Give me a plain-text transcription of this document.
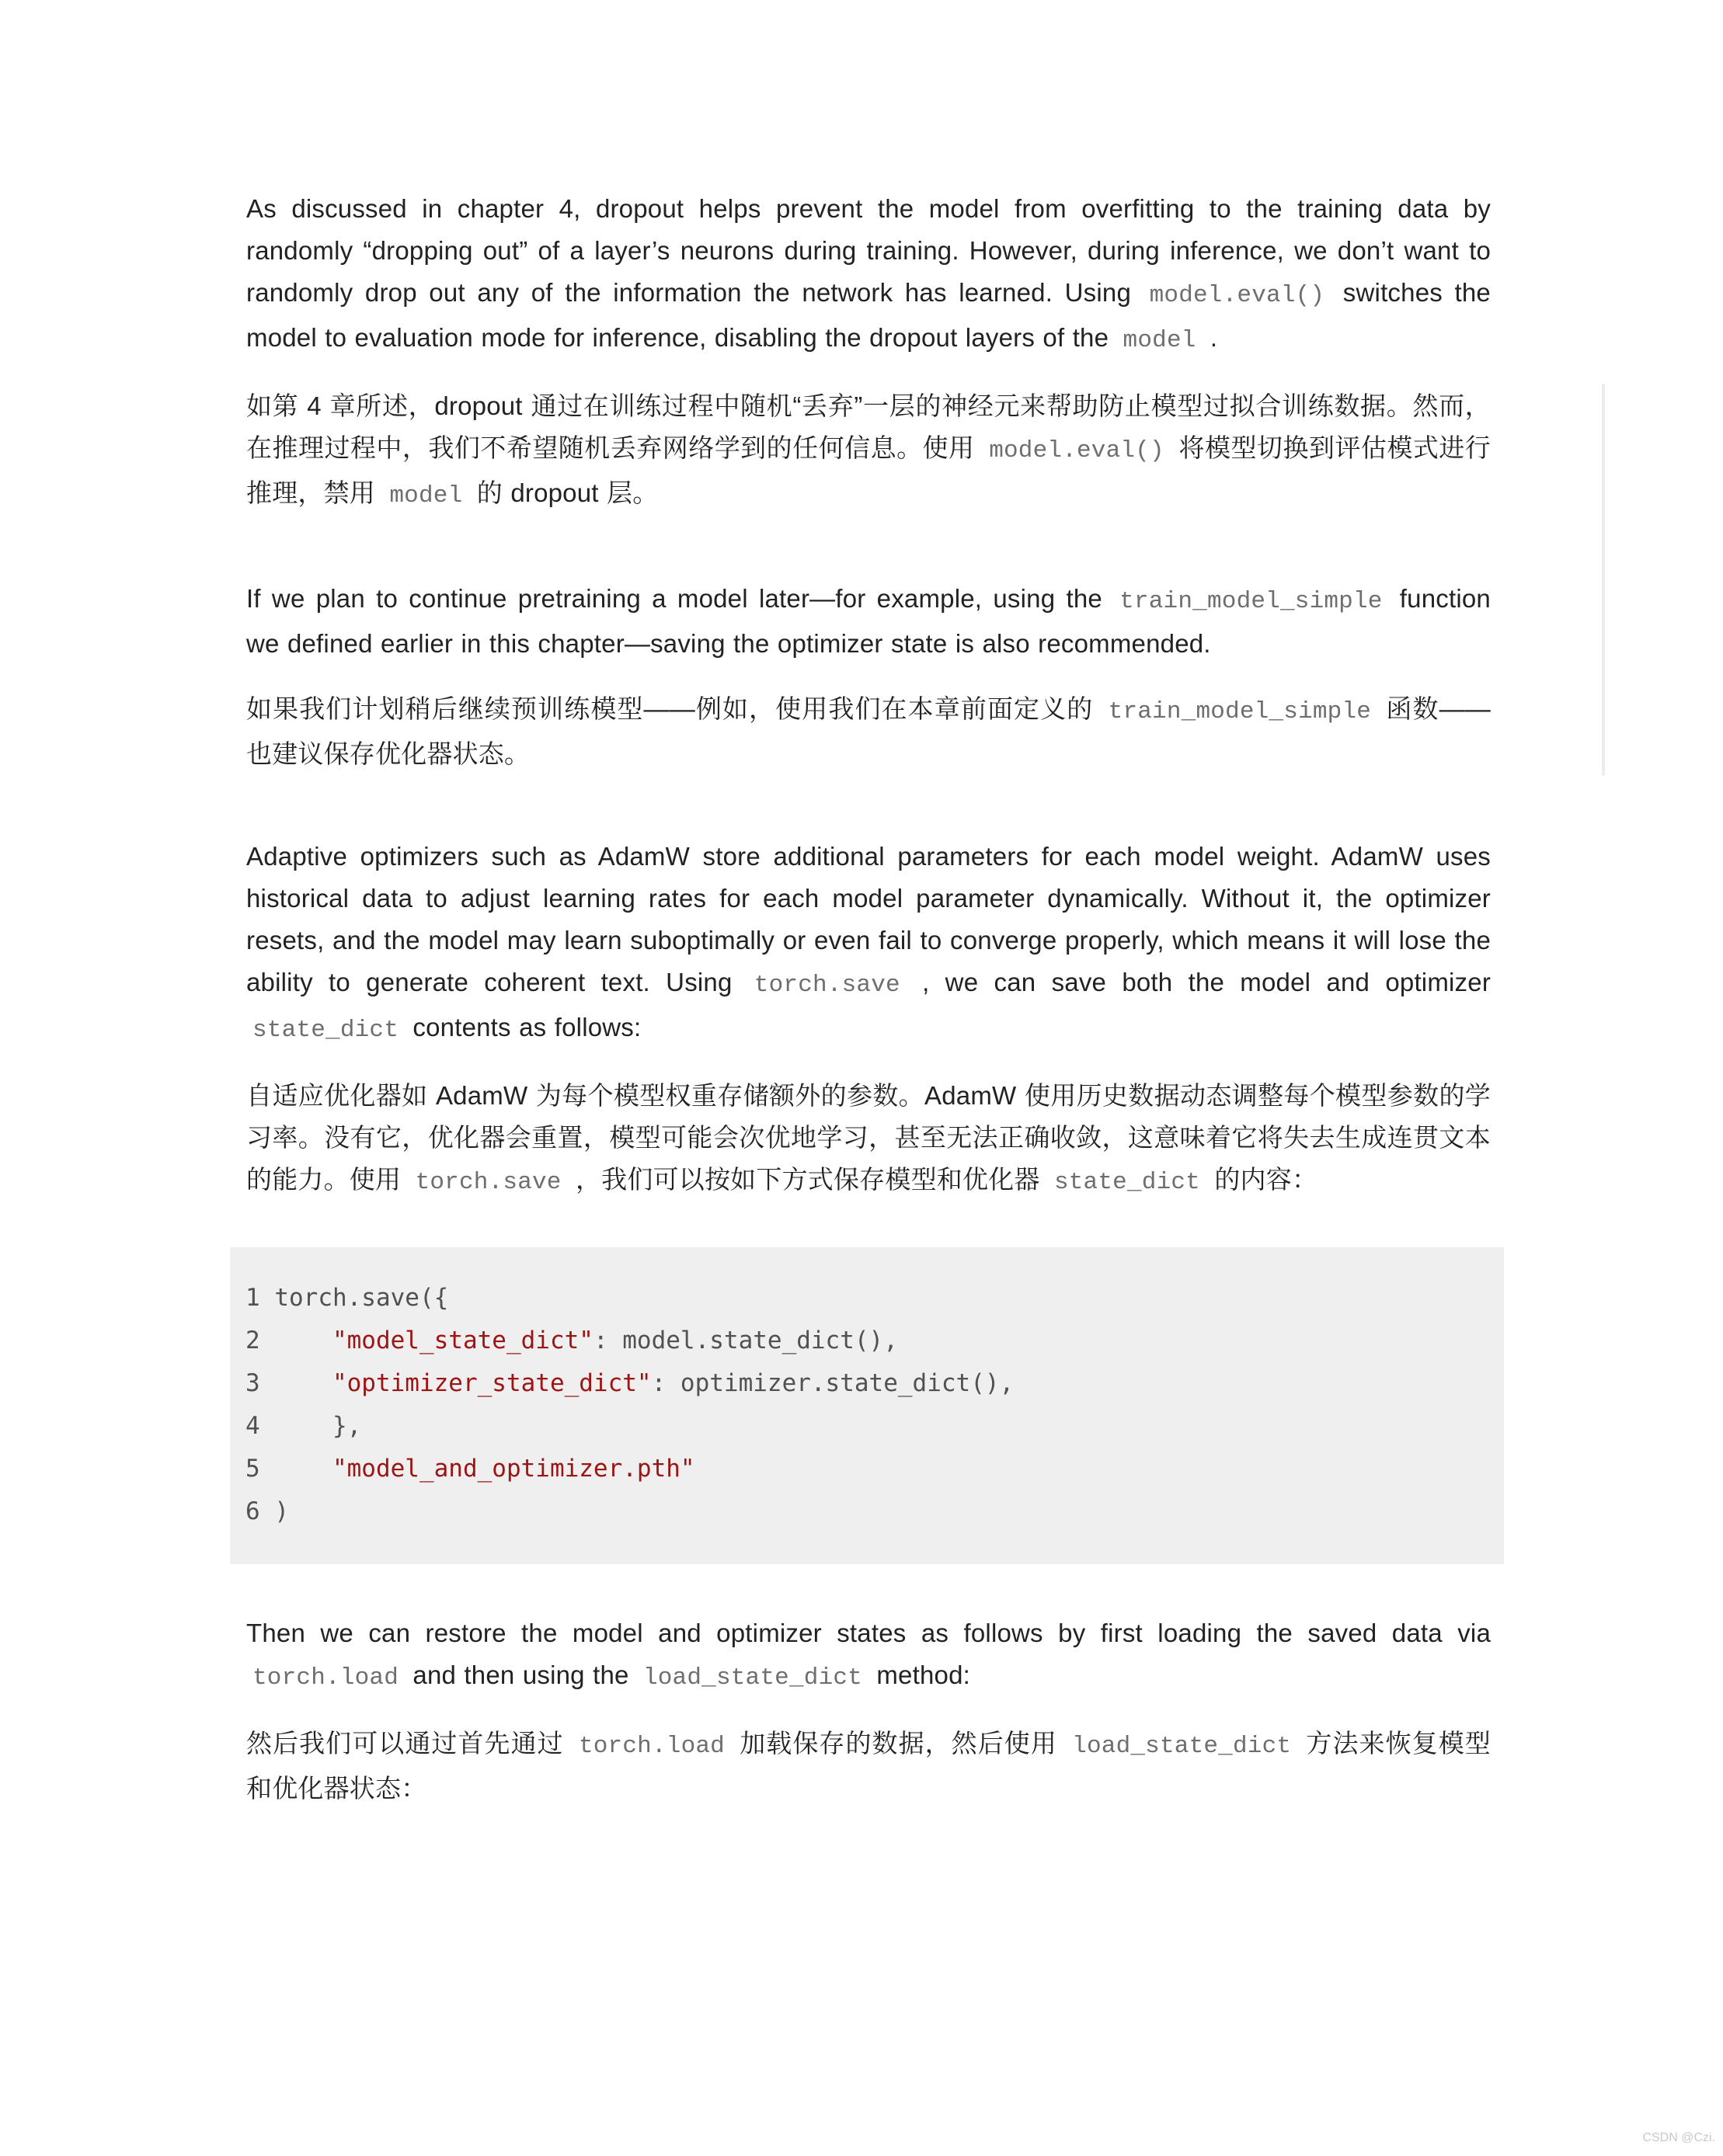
As discussed in chapter 4, dropout helps prevent the model from overfitting to the training data by randomly “dropping out” of a layer’s neurons during training. However, during inference, we don’t want to randomly drop out any of the information the network has learned. Using model.eval() switches the model to evaluation mode for inference, disabling the dropout layers of the model .

如第 4 章所述，dropout 通过在训练过程中随机“丢弃”一层的神经元来帮助防止模型过拟合训练数据。然而，在推理过程中，我们不希望随机丢弃网络学到的任何信息。使用 model.eval() 将模型切换到评估模式进行推理，禁用 model 的 dropout 层。

If we plan to continue pretraining a model later—for example, using the train_model_simple function we defined earlier in this chapter—saving the optimizer state is also recommended.

如果我们计划稍后继续预训练模型——例如，使用我们在本章前面定义的 train_model_simple 函数——也建议保存优化器状态。

Adaptive optimizers such as AdamW store additional parameters for each model weight. AdamW uses historical data to adjust learning rates for each model parameter dynamically. Without it, the optimizer resets, and the model may learn suboptimally or even fail to converge properly, which means it will lose the ability to generate coherent text. Using torch.save , we can save both the model and optimizer state_dict contents as follows:

自适应优化器如 AdamW 为每个模型权重存储额外的参数。AdamW 使用历史数据动态调整每个模型参数的学习率。没有它，优化器会重置，模型可能会次优地学习，甚至无法正确收敛，这意味着它将失去生成连贯文本的能力。使用 torch.save ，我们可以按如下方式保存模型和优化器 state_dict 的内容：

1 torch.save({
2	"model_state_dict": model.state_dict(),
3	"optimizer_state_dict": optimizer.state_dict(),
4    },
5	"model_and_optimizer.pth"
6 )

Then we can restore the model and optimizer states as follows by first loading the saved data via torch.load and then using the load_state_dict method:

然后我们可以通过首先通过 torch.load 加载保存的数据，然后使用 load_state_dict 方法来恢复模型和优化器状态：

CSDN @Czi.
